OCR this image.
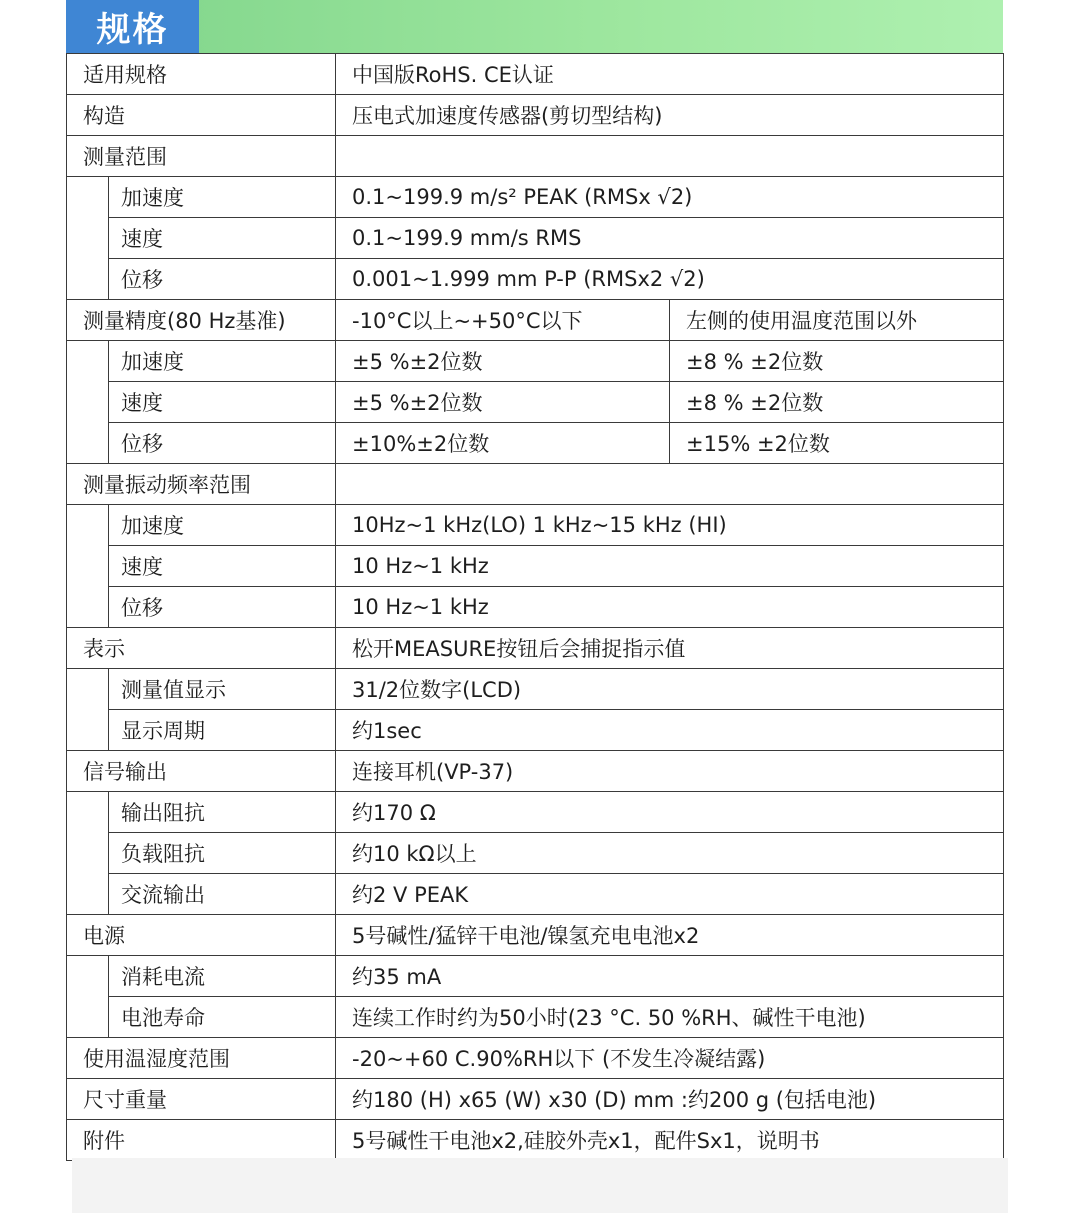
规格
适用规格		中国版RoHS. CE认证	
构造		压电式加速度传感器(剪切型结构)	
测量范围			
	加速度	0.1~199.9 m/s² PEAK (RMSx √2)	
	速度	0.1~199.9 mm/s RMS	
	位移	0.001~1.999 mm P-P (RMSx2 √2)	
测量精度(80 Hz基准)		-10°C以上~+50°C以下	左侧的使用温度范围以外
	加速度	±5 %±2位数	±8 % ±2位数
	速度	±5 %±2位数	±8 % ±2位数
	位移	±10%±2位数	±15% ±2位数
测量振动频率范围			
	加速度	10Hz~1 kHz(LO) 1 kHz~15 kHz (HI)	
	速度	10 Hz~1 kHz	
	位移	10 Hz~1 kHz	
表示		松开MEASURE按钮后会捕捉指示值	
	测量值显示	31/2位数字(LCD)	
	显示周期	约1sec	
信号输出		连接耳机(VP-37)	
	输出阻抗	约170 Ω	
	负载阻抗	约10 kΩ以上	
	交流输出	约2 V PEAK	
电源		5号碱性/猛锌干电池/镍氢充电电池x2	
	消耗电流	约35 mA	
	电池寿命	连续工作时约为50小时(23 °C. 50 %RH、碱性干电池)	
使用温湿度范围		-20~+60 C.90%RH以下 (不发生冷凝结露)	
尺寸重量		约180 (H) x65 (W) x30 (D) mm :约200 g (包括电池)	
附件		5号碱性干电池x2,硅胶外壳x1，配件Sx1，说明书	
